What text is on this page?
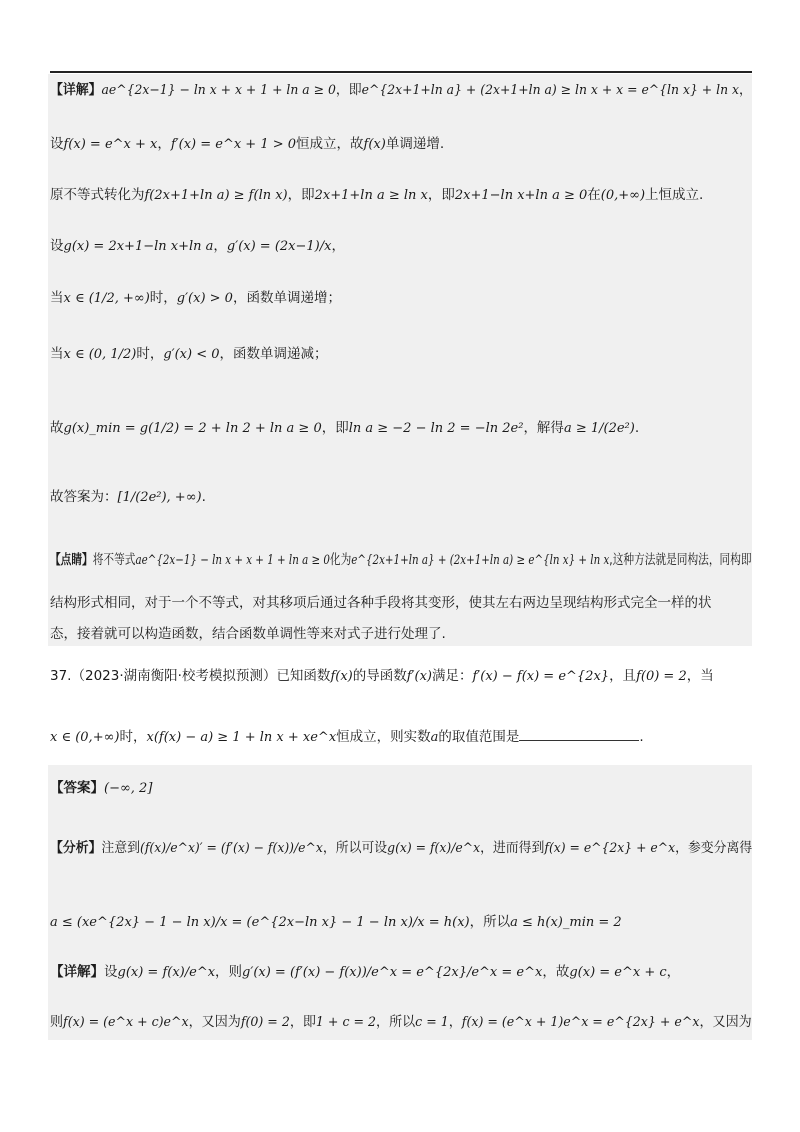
【详解】ae^{2x−1} − ln x + x + 1 + ln a ≥ 0，即e^{2x+1+ln a} + (2x+1+ln a) ≥ ln x + x = e^{ln x} + ln x，
设f(x) = e^x + x，f′(x) = e^x + 1 > 0恒成立，故f(x)单调递增.
原不等式转化为f(2x+1+ln a) ≥ f(ln x)，即2x+1+ln a ≥ ln x，即2x+1−ln x+ln a ≥ 0在(0,+∞)上恒成立.
设g(x) = 2x+1−ln x+ln a，g′(x) = (2x−1)/x，
当x ∈ (1/2, +∞)时，g′(x) > 0，函数单调递增；
当x ∈ (0, 1/2)时，g′(x) < 0，函数单调递减；
故g(x)_min = g(1/2) = 2 + ln 2 + ln a ≥ 0，即ln a ≥ −2 − ln 2 = −ln 2e²，解得a ≥ 1/(2e²).
故答案为：[1/(2e²), +∞).
【点睛】将不等式ae^{2x−1} − ln x + x + 1 + ln a ≥ 0化为e^{2x+1+ln a} + (2x+1+ln a) ≥ e^{ln x} + ln x,这种方法就是同构法，同构即
结构形式相同，对于一个不等式，对其移项后通过各种手段将其变形，使其左右两边呈现结构形式完全一样的状
态，接着就可以构造函数，结合函数单调性等来对式子进行处理了.
37.（2023·湖南衡阳·校考模拟预测）已知函数f(x)的导函数f′(x)满足：f′(x) − f(x) = e^{2x}，且f(0) = 2，当
x ∈ (0,+∞)时，x(f(x) − a) ≥ 1 + ln x + xe^x恒成立，则实数a的取值范围是	.
【答案】(−∞, 2]
【分析】注意到(f(x)/e^x)′ = (f′(x) − f(x))/e^x，所以可设g(x) = f(x)/e^x，进而得到f(x) = e^{2x} + e^x，参变分离得
a ≤ (xe^{2x} − 1 − ln x)/x = (e^{2x−ln x} − 1 − ln x)/x = h(x)，所以a ≤ h(x)_min = 2
【详解】设g(x) = f(x)/e^x，则g′(x) = (f′(x) − f(x))/e^x = e^{2x}/e^x = e^x，故g(x) = e^x + c，
则f(x) = (e^x + c)e^x，又因为f(0) = 2，即1 + c = 2，所以c = 1，f(x) = (e^x + 1)e^x = e^{2x} + e^x，又因为
